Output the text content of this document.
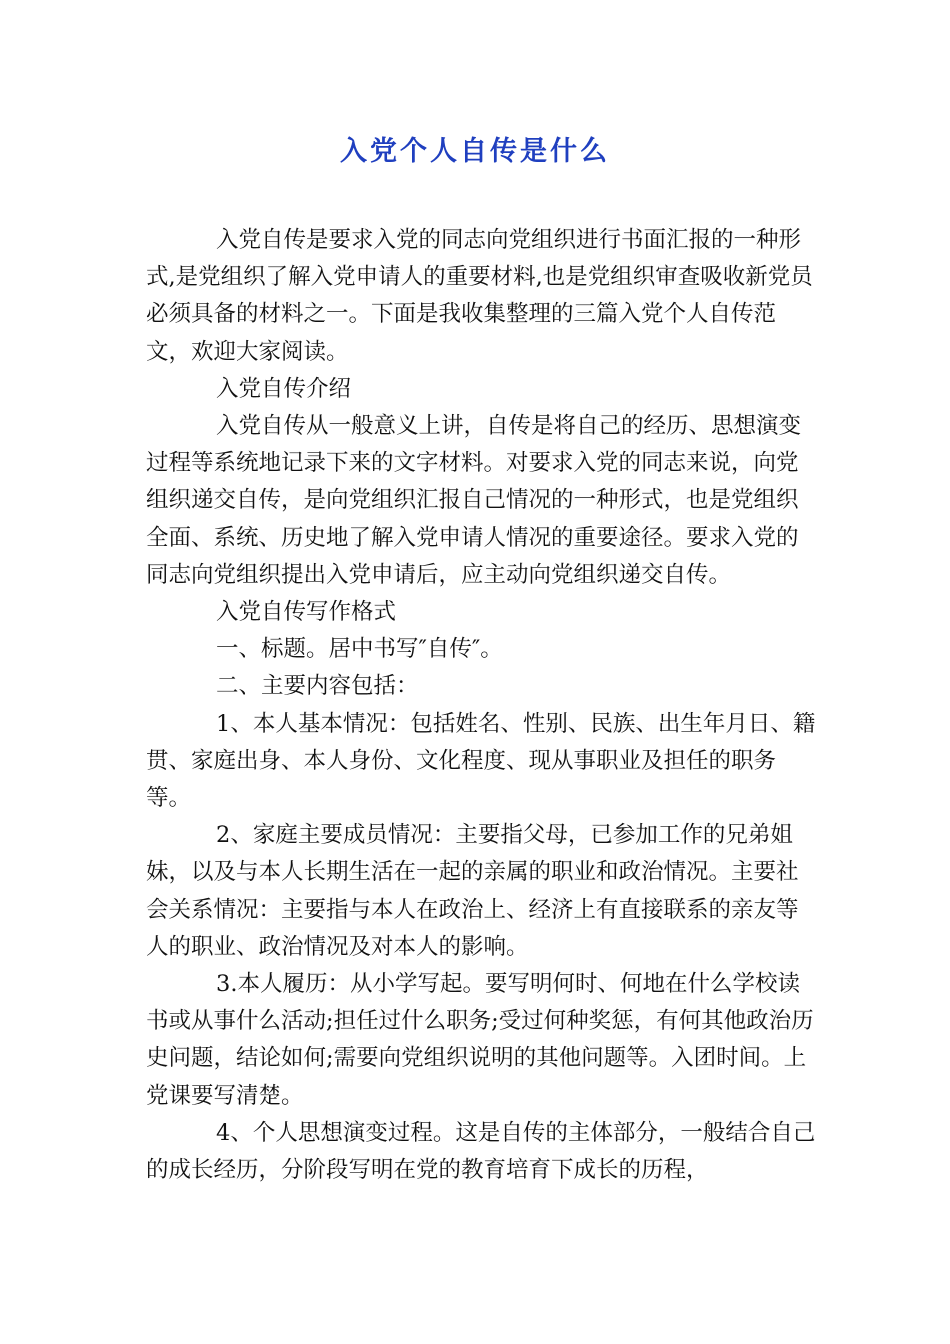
入党个人自传是什么

入党自传是要求入党的同志向党组织进行书面汇报的一种形式,是党组织了解入党申请人的重要材料,也是党组织审查吸收新党员必须具备的材料之一。下面是我收集整理的三篇入党个人自传范文，欢迎大家阅读。

入党自传介绍

入党自传从一般意义上讲，自传是将自己的经历、思想演变过程等系统地记录下来的文字材料。对要求入党的同志来说，向党组织递交自传，是向党组织汇报自己情况的一种形式，也是党组织全面、系统、历史地了解入党申请人情况的重要途径。要求入党的同志向党组织提出入党申请后，应主动向党组织递交自传。

入党自传写作格式

一、标题。居中书写″自传″。

二、主要内容包括：

1、本人基本情况：包括姓名、性别、民族、出生年月日、籍贯、家庭出身、本人身份、文化程度、现从事职业及担任的职务等。

2、家庭主要成员情况：主要指父母，已参加工作的兄弟姐妹，以及与本人长期生活在一起的亲属的职业和政治情况。主要社会关系情况：主要指与本人在政治上、经济上有直接联系的亲友等人的职业、政治情况及对本人的影响。

3.本人履历：从小学写起。要写明何时、何地在什么学校读书或从事什么活动;担任过什么职务;受过何种奖惩，有何其他政治历史问题，结论如何;需要向党组织说明的其他问题等。入团时间。上党课要写清楚。

4、个人思想演变过程。这是自传的主体部分，一般结合自己的成长经历，分阶段写明在党的教育培育下成长的历程，
